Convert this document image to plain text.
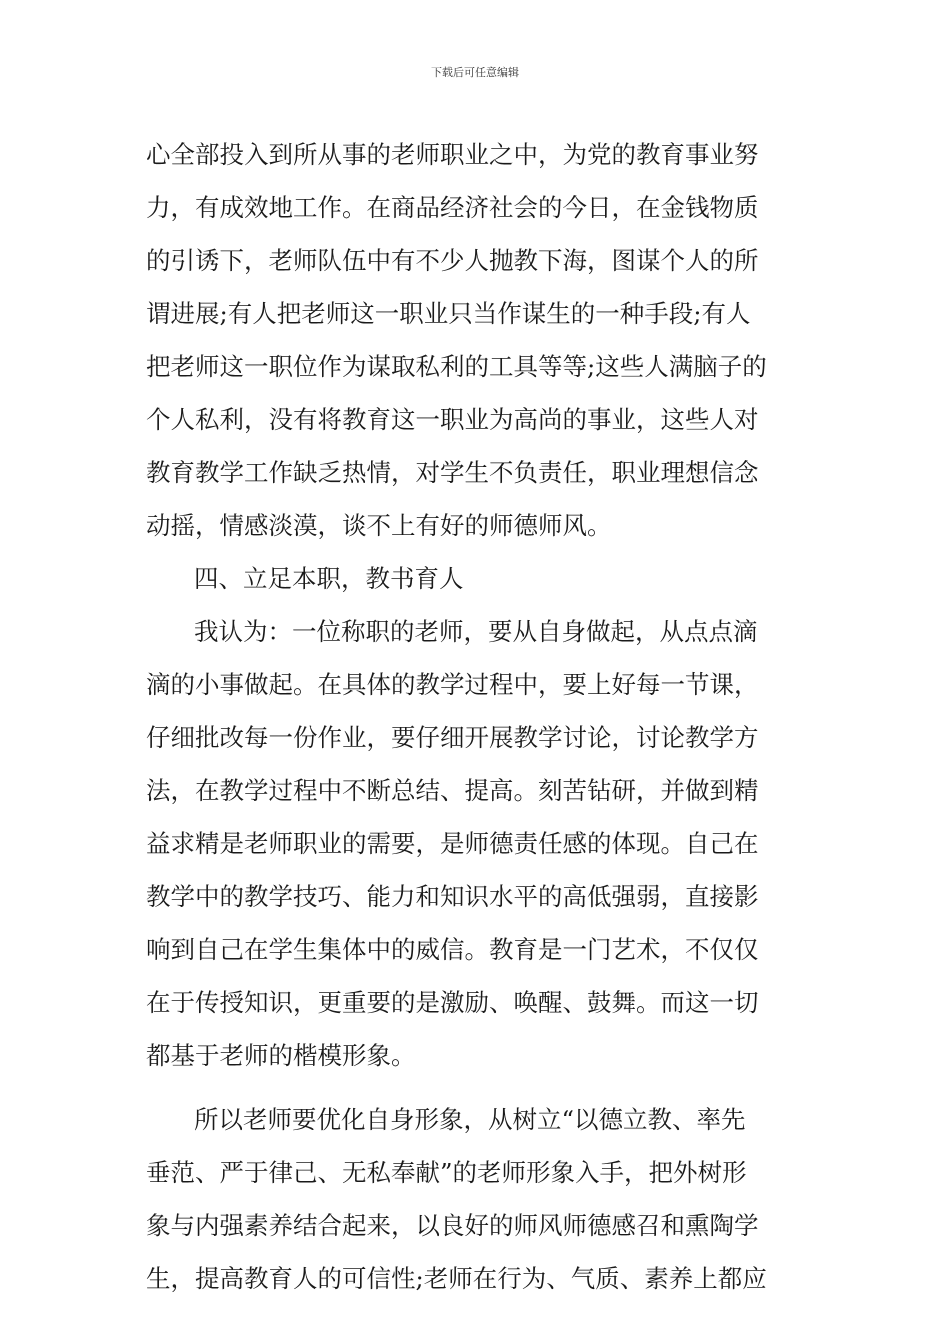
下载后可任意编辑
心全部投入到所从事的老师职业之中，为党的教育事业努
力，有成效地工作。在商品经济社会的今日，在金钱物质
的引诱下，老师队伍中有不少人抛教下海，图谋个人的所
谓进展;有人把老师这一职业只当作谋生的一种手段;有人
把老师这一职位作为谋取私利的工具等等;这些人满脑子的
个人私利，没有将教育这一职业为高尚的事业，这些人对
教育教学工作缺乏热情，对学生不负责任，职业理想信念
动摇，情感淡漠，谈不上有好的师德师风。
四、立足本职，教书育人
我认为：一位称职的老师，要从自身做起，从点点滴
滴的小事做起。在具体的教学过程中，要上好每一节课，
仔细批改每一份作业，要仔细开展教学讨论，讨论教学方
法，在教学过程中不断总结、提高。刻苦钻研，并做到精
益求精是老师职业的需要，是师德责任感的体现。自己在
教学中的教学技巧、能力和知识水平的高低强弱，直接影
响到自己在学生集体中的威信。教育是一门艺术，不仅仅
在于传授知识，更重要的是激励、唤醒、鼓舞。而这一切
都基于老师的楷模形象。
所以老师要优化自身形象，从树立“以德立教、率先
垂范、严于律己、无私奉献”的老师形象入手，把外树形
象与内强素养结合起来，以良好的师风师德感召和熏陶学
生，提高教育人的可信性;老师在行为、气质、素养上都应
